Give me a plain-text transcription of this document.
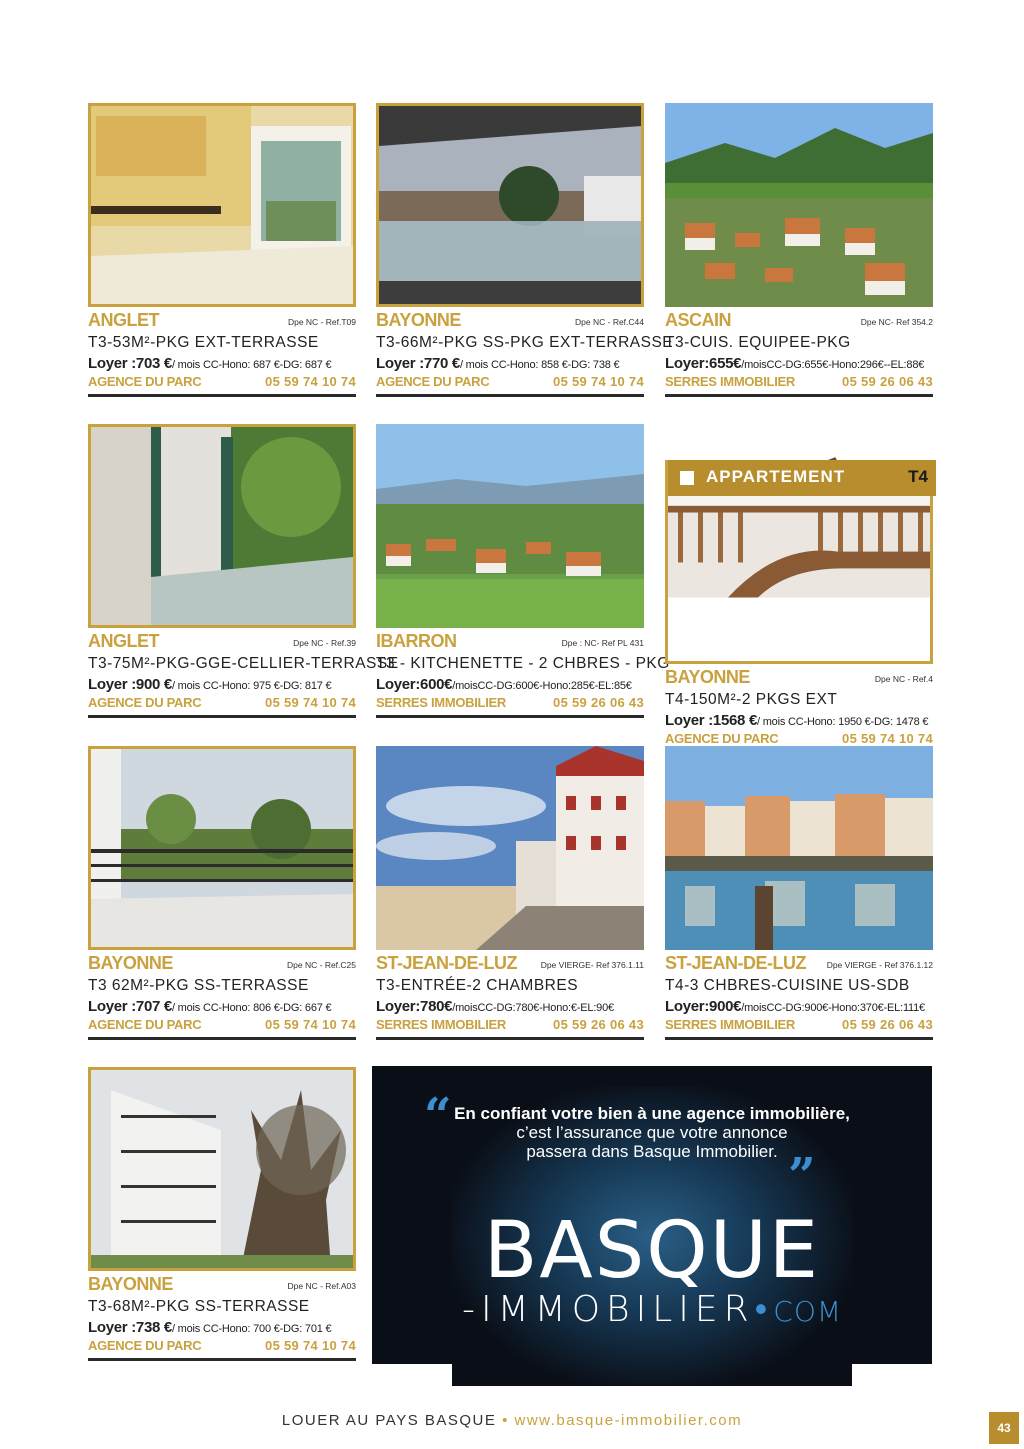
ANGLET	Dpe NC - Ref.T09
T3-53M²-PKG EXT-TERRASSE
Loyer :703 €/ mois CC-Hono: 687 €-DG: 687 €
AGENCE DU PARC	05 59 74 10 74
BAYONNE	Dpe NC - Ref.C44
T3-66M²-PKG SS-PKG EXT-TERRASSE
Loyer :770 €/ mois CC-Hono: 858 €-DG: 738 €
AGENCE DU PARC	05 59 74 10 74
ASCAIN	Dpe NC- Ref 354.2
T3-CUIS. EQUIPEE-PKG
Loyer:655€/moisCC-DG:655€-Hono:296€--EL:88€
SERRES IMMOBILIER	05 59 26 06 43
ANGLET	Dpe NC - Ref.39
T3-75M²-PKG-GGE-CELLIER-TERRASSE
Loyer :900 €/ mois CC-Hono: 975 €-DG: 817 €
AGENCE DU PARC	05 59 74 10 74
IBARRON	Dpe : NC- Ref PL 431
T3 - KITCHENETTE - 2 CHBRES - PKG
Loyer:600€/moisCC-DG:600€-Hono:285€-EL:85€
SERRES IMMOBILIER	05 59 26 06 43
APPARTEMENT	T4
BAYONNE	Dpe NC - Ref.4
T4-150M²-2 PKGS EXT
Loyer :1568 €/ mois CC-Hono: 1950 €-DG: 1478 €
AGENCE DU PARC	05 59 74 10 74
BAYONNE	Dpe NC - Ref.C25
T3 62M²-PKG SS-TERRASSE
Loyer :707 €/ mois CC-Hono: 806 €-DG: 667 €
AGENCE DU PARC	05 59 74 10 74
ST-JEAN-DE-LUZ	Dpe VIERGE- Ref 376.1.11
T3-ENTRÉE-2 CHAMBRES
Loyer:780€/moisCC-DG:780€-Hono:€-EL:90€
SERRES IMMOBILIER	05 59 26 06 43
ST-JEAN-DE-LUZ Dpe VIERGE - Ref 376.1.12
T4-3 CHBRES-CUISINE US-SDB
Loyer:900€/moisCC-DG:900€-Hono:370€-EL:111€
SERRES IMMOBILIER	05 59 26 06 43
BAYONNE	Dpe NC - Ref.A03
T3-68M²-PKG SS-TERRASSE
Loyer :738 €/ mois CC-Hono: 700 €-DG: 701 €
AGENCE DU PARC	05 59 74 10 74
“ En confiant votre bien à une agence immobilière,
c’est l’assurance que votre annonce
passera dans Basque Immobilier. ”
BASQUE
-IMMOBILIER•COM
LOUER AU PAYS BASQUE • www.basque-immobilier.com	43
